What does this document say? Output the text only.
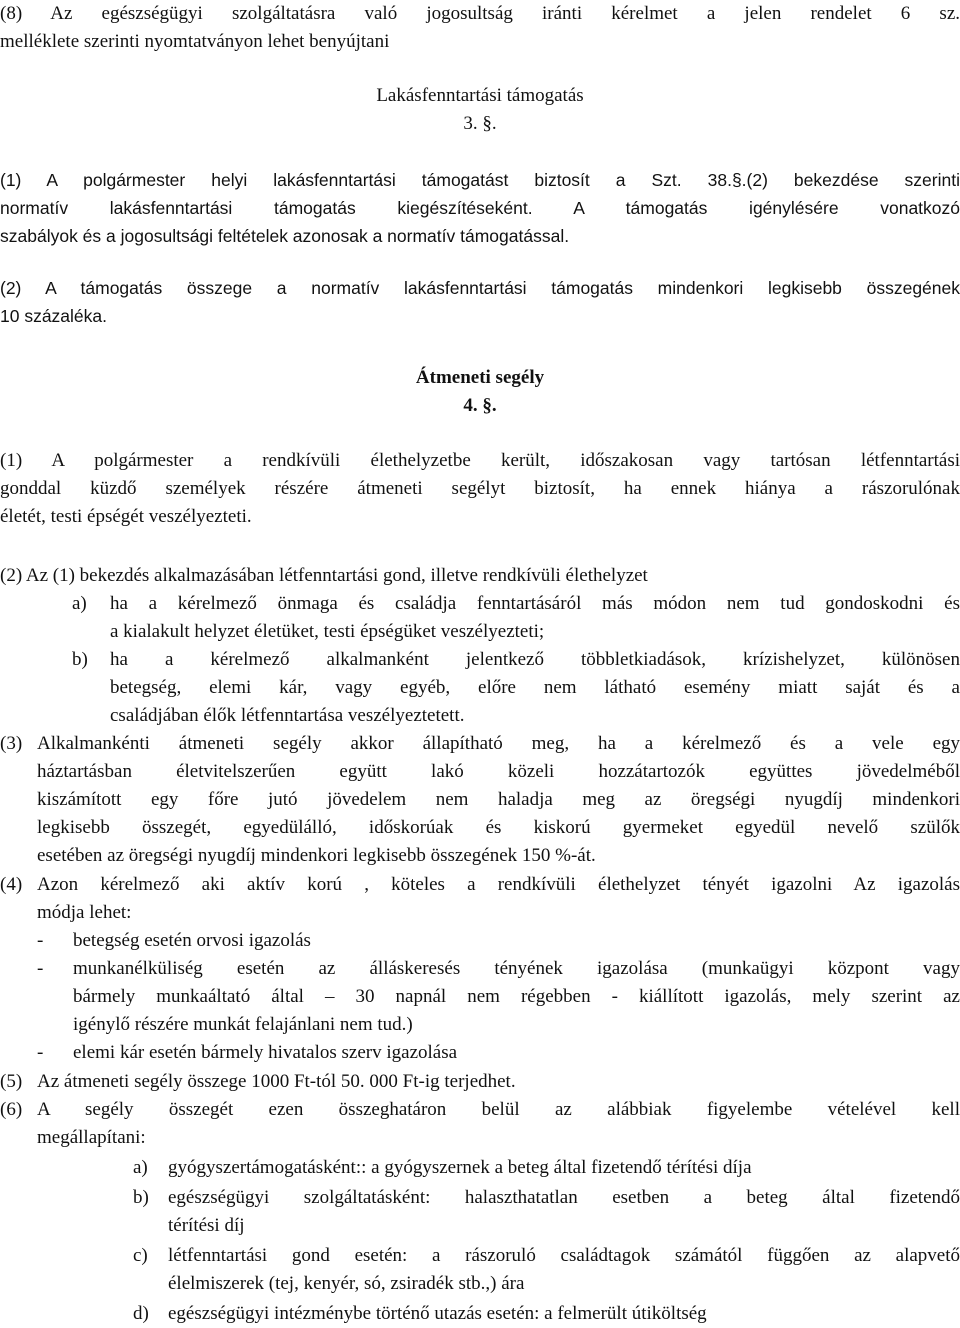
(8) Az egészségügyi szolgáltatásra való jogosultság iránti kérelmet a jelen rendelet 6 sz.
melléklete szerinti nyomtatványon lehet benyújtani
Lakásfenntartási támogatás
3. §.
(1) A polgármester helyi lakásfenntartási támogatást biztosít a Szt. 38.§.(2) bekezdése szerinti
normatív lakásfenntartási támogatás kiegészítéseként. A támogatás igénylésére vonatkozó
szabályok és a jogosultsági feltételek azonosak a normatív támogatással.
(2) A támogatás összege a normatív lakásfenntartási támogatás mindenkori legkisebb összegének
10 százaléka.
Átmeneti segély
4. §.
(1) A polgármester a rendkívüli élethelyzetbe került, időszakosan vagy tartósan létfenntartási
gonddal küzdő személyek részére átmeneti segélyt biztosít, ha ennek hiánya a rászorulónak
életét, testi épségét veszélyezteti.
(2) Az (1) bekezdés alkalmazásában létfenntartási gond, illetve rendkívüli élethelyzet
a) ha a kérelmező önmaga és családja fenntartásáról más módon nem tud gondoskodni és
a kialakult helyzet életüket, testi épségüket veszélyezteti;
b) ha a kérelmező alkalmanként jelentkező többletkiadások, krízishelyzet, különösen
betegség, elemi kár, vagy egyéb, előre nem látható esemény miatt saját és a
családjában élők létfenntartása veszélyeztetett.
(3) Alkalmankénti átmeneti segély akkor állapítható meg, ha a kérelmező és a vele egy
háztartásban életvitelszerűen együtt lakó közeli hozzátartozók együttes jövedelméből
kiszámított egy főre jutó jövedelem nem haladja meg az öregségi nyugdíj mindenkori
legkisebb összegét, egyedülálló, időskorúak és kiskorú gyermeket egyedül nevelő szülők
esetében az öregségi nyugdíj mindenkori legkisebb összegének 150 %-át.
(4) Azon kérelmező aki aktív korú , köteles a rendkívüli élethelyzet tényét igazolni Az igazolás
módja lehet:
- betegség esetén orvosi igazolás
- munkanélküliség esetén az álláskeresés tényének igazolása (munkaügyi központ vagy
bármely munkaáltató által – 30 napnál nem régebben - kiállított igazolás, mely szerint az
igénylő részére munkát felajánlani nem tud.)
- elemi kár esetén bármely hivatalos szerv igazolása
(5) Az átmeneti segély összege 1000 Ft-tól 50. 000 Ft-ig terjedhet.
(6) A segély összegét ezen összeghatáron belül az alábbiak figyelembe vételével kell
megállapítani:
a) gyógyszertámogatásként:: a gyógyszernek a beteg által fizetendő térítési díja
b) egészségügyi szolgáltatásként: halaszthatatlan esetben a beteg által fizetendő
térítési díj
c) létfenntartási gond esetén: a rászoruló családtagok számától függően az alapvető
élelmiszerek (tej, kenyér, só, zsiradék stb.,) ára
d) egészségügyi intézménybe történő utazás esetén: a felmerült útiköltség
